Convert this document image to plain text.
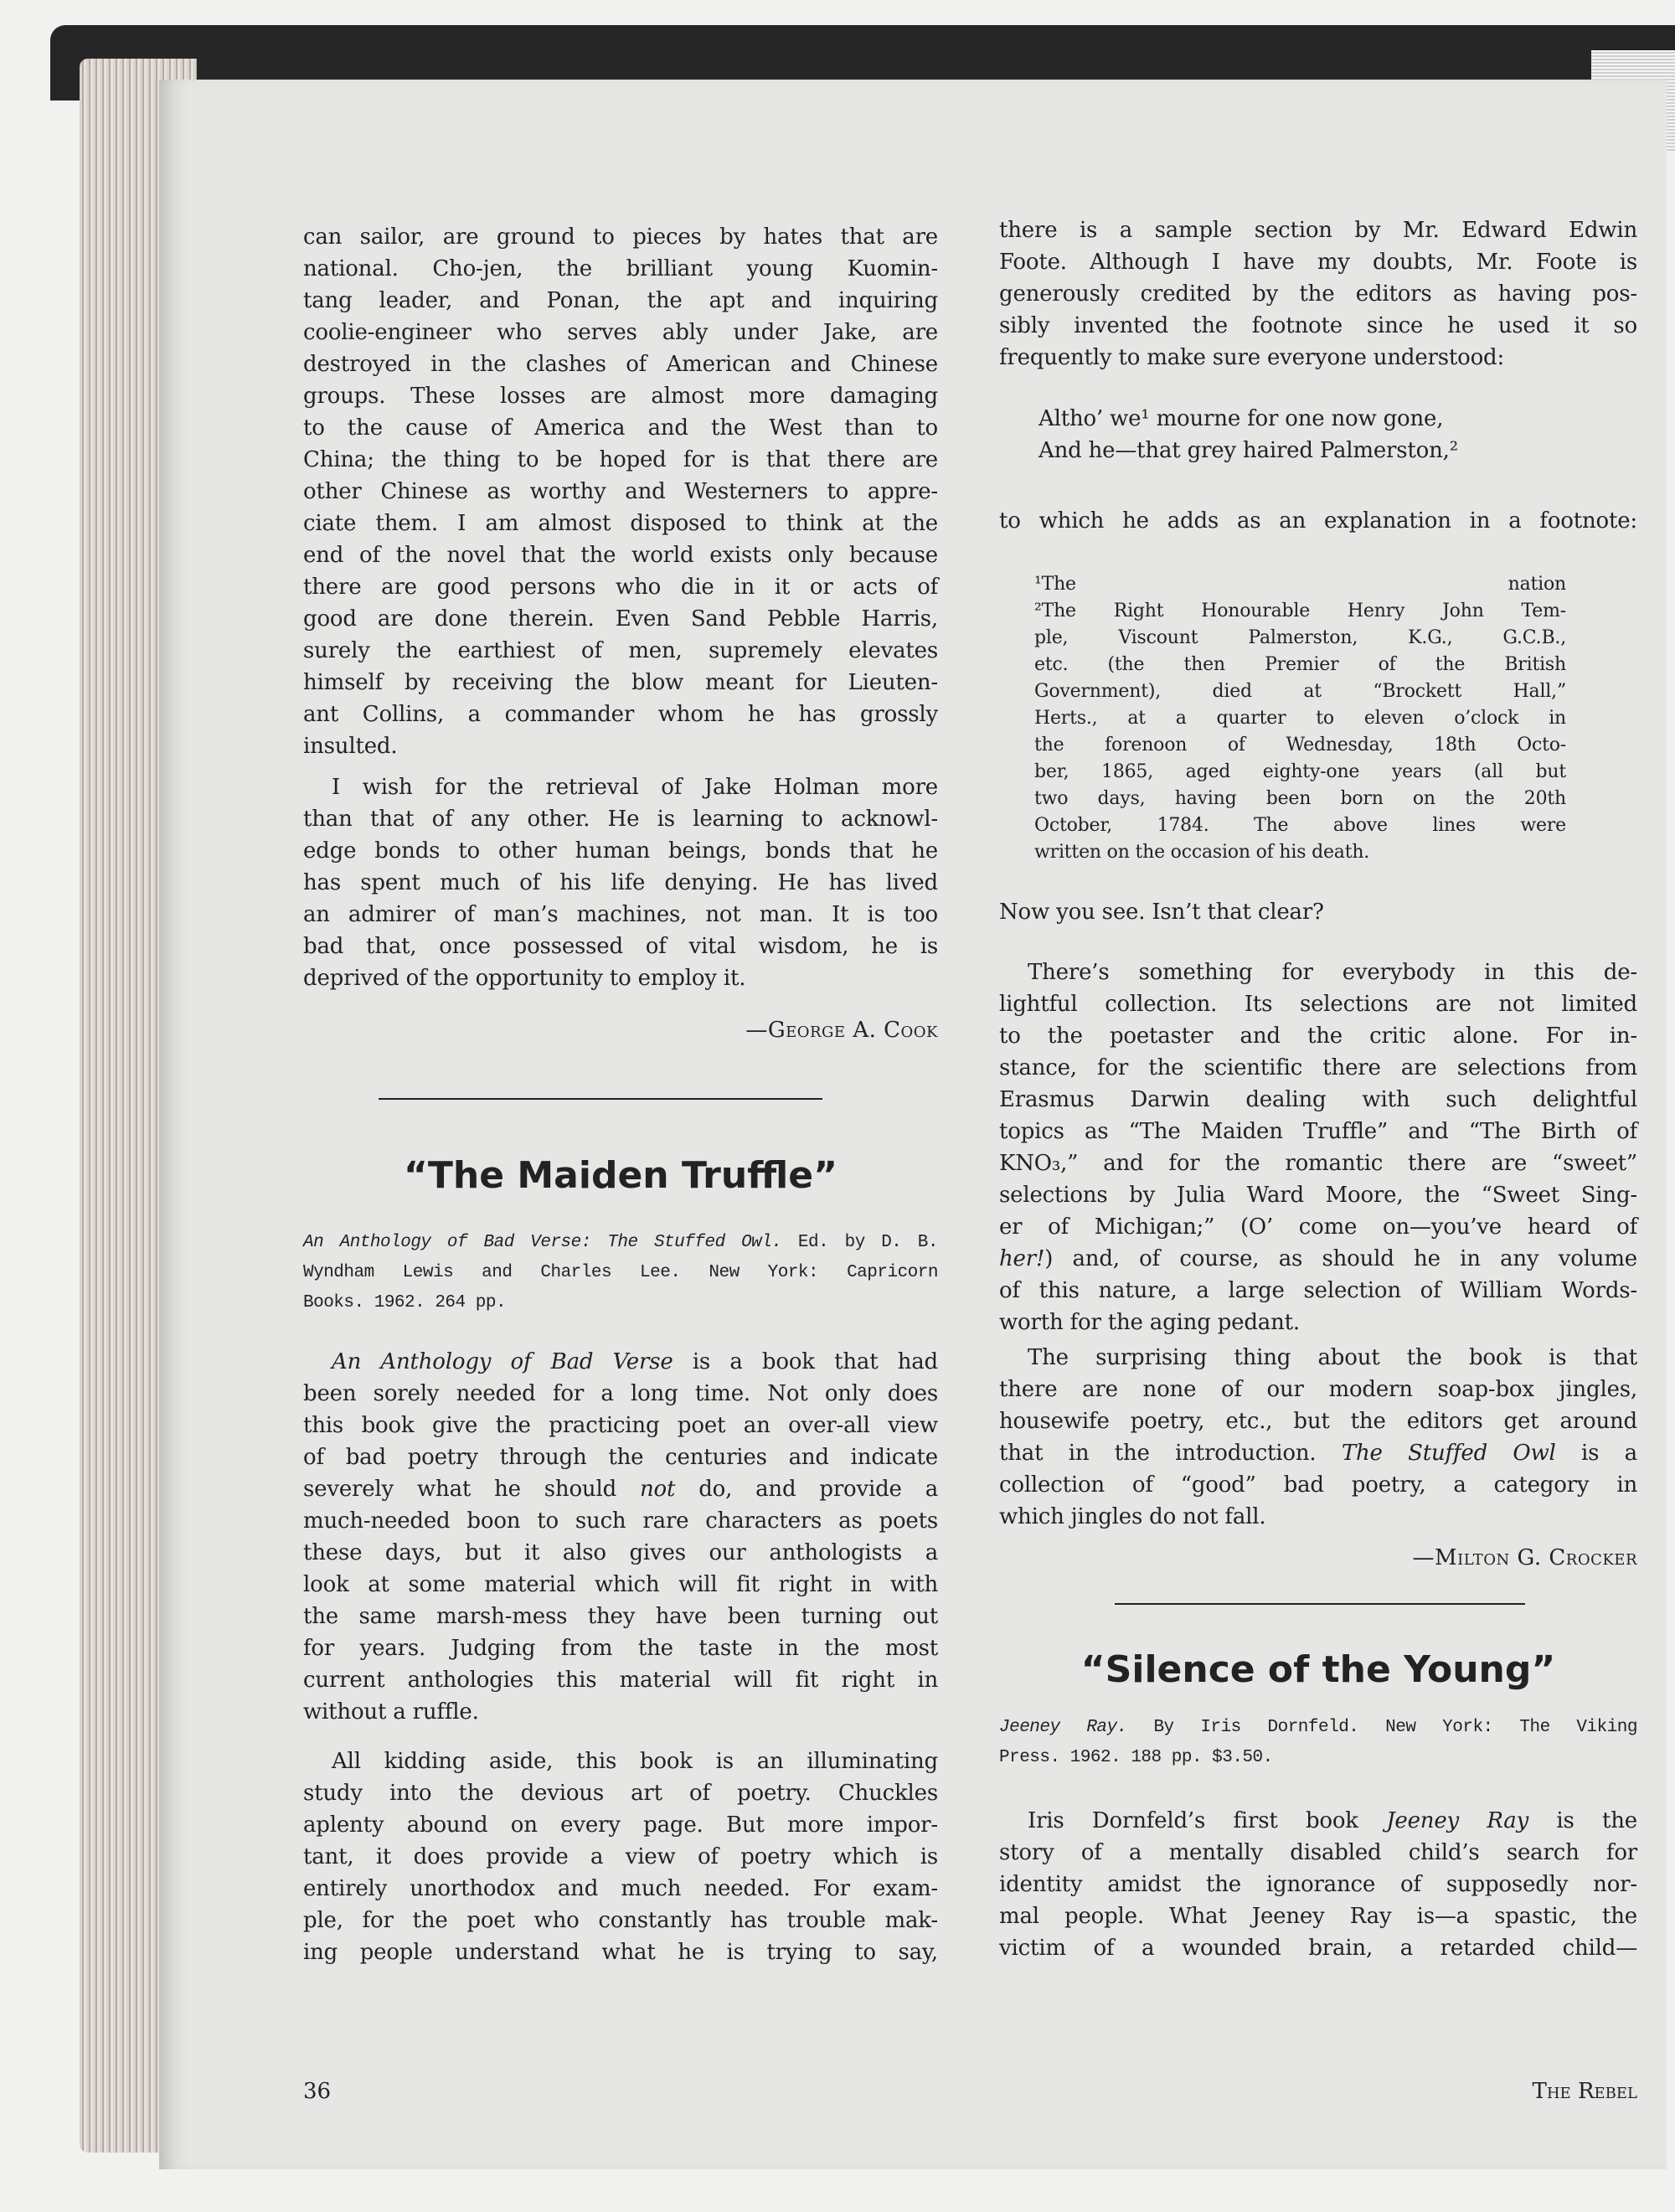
can sailor, are ground to pieces by hates that are
national. Cho-jen, the brilliant young Kuomin-
tang leader, and Ponan, the apt and inquiring
coolie-engineer who serves ably under Jake, are
destroyed in the clashes of American and Chinese
groups. These losses are almost more damaging
to the cause of America and the West than to
China; the thing to be hoped for is that there are
other Chinese as worthy and Westerners to appre-
ciate them. I am almost disposed to think at the
end of the novel that the world exists only because
there are good persons who die in it or acts of
good are done therein. Even Sand Pebble Harris,
surely the earthiest of men, supremely elevates
himself by receiving the blow meant for Lieuten-
ant Collins, a commander whom he has grossly
insulted.
I wish for the retrieval of Jake Holman more
than that of any other. He is learning to acknowl-
edge bonds to other human beings, bonds that he
has spent much of his life denying. He has lived
an admirer of man’s machines, not man. It is too
bad that, once possessed of vital wisdom, he is
deprived of the opportunity to employ it.
—George A. Cook
“The Maiden Truffle”
An Anthology of Bad Verse: The Stuffed Owl. Ed. by D. B.
Wyndham Lewis and Charles Lee. New York: Capricorn
Books. 1962. 264 pp.
An Anthology of Bad Verse is a book that had
been sorely needed for a long time. Not only does
this book give the practicing poet an over-all view
of bad poetry through the centuries and indicate
severely what he should not do, and provide a
much-needed boon to such rare characters as poets
these days, but it also gives our anthologists a
look at some material which will fit right in with
the same marsh-mess they have been turning out
for years. Judging from the taste in the most
current anthologies this material will fit right in
without a ruffle.
All kidding aside, this book is an illuminating
study into the devious art of poetry. Chuckles
aplenty abound on every page. But more impor-
tant, it does provide a view of poetry which is
entirely unorthodox and much needed. For exam-
ple, for the poet who constantly has trouble mak-
ing people understand what he is trying to say,
36
there is a sample section by Mr. Edward Edwin
Foote. Although I have my doubts, Mr. Foote is
generously credited by the editors as having pos-
sibly invented the footnote since he used it so
frequently to make sure everyone understood:
Altho’ we¹ mourne for one now gone,
And he—that grey haired Palmerston,²
to which he adds as an explanation in a footnote:
¹The nation
²The Right Honourable Henry John Tem-
ple, Viscount Palmerston, K.G., G.C.B.,
etc. (the then Premier of the British
Government), died at “Brockett Hall,”
Herts., at a quarter to eleven o’clock in
the forenoon of Wednesday, 18th Octo-
ber, 1865, aged eighty-one years (all but
two days, having been born on the 20th
October, 1784. The above lines were
written on the occasion of his death.
Now you see. Isn’t that clear?
There’s something for everybody in this de-
lightful collection. Its selections are not limited
to the poetaster and the critic alone. For in-
stance, for the scientific there are selections from
Erasmus Darwin dealing with such delightful
topics as “The Maiden Truffle” and “The Birth of
KNO₃,” and for the romantic there are “sweet”
selections by Julia Ward Moore, the “Sweet Sing-
er of Michigan;” (O’ come on—you’ve heard of
her!) and, of course, as should he in any volume
of this nature, a large selection of William Words-
worth for the aging pedant.
The surprising thing about the book is that
there are none of our modern soap-box jingles,
housewife poetry, etc., but the editors get around
that in the introduction. The Stuffed Owl is a
collection of “good” bad poetry, a category in
which jingles do not fall.
—Milton G. Crocker
“Silence of the Young”
Jeeney Ray. By Iris Dornfeld. New York: The Viking
Press. 1962. 188 pp. $3.50.
Iris Dornfeld’s first book Jeeney Ray is the
story of a mentally disabled child’s search for
identity amidst the ignorance of supposedly nor-
mal people. What Jeeney Ray is—a spastic, the
victim of a wounded brain, a retarded child—
The Rebel
